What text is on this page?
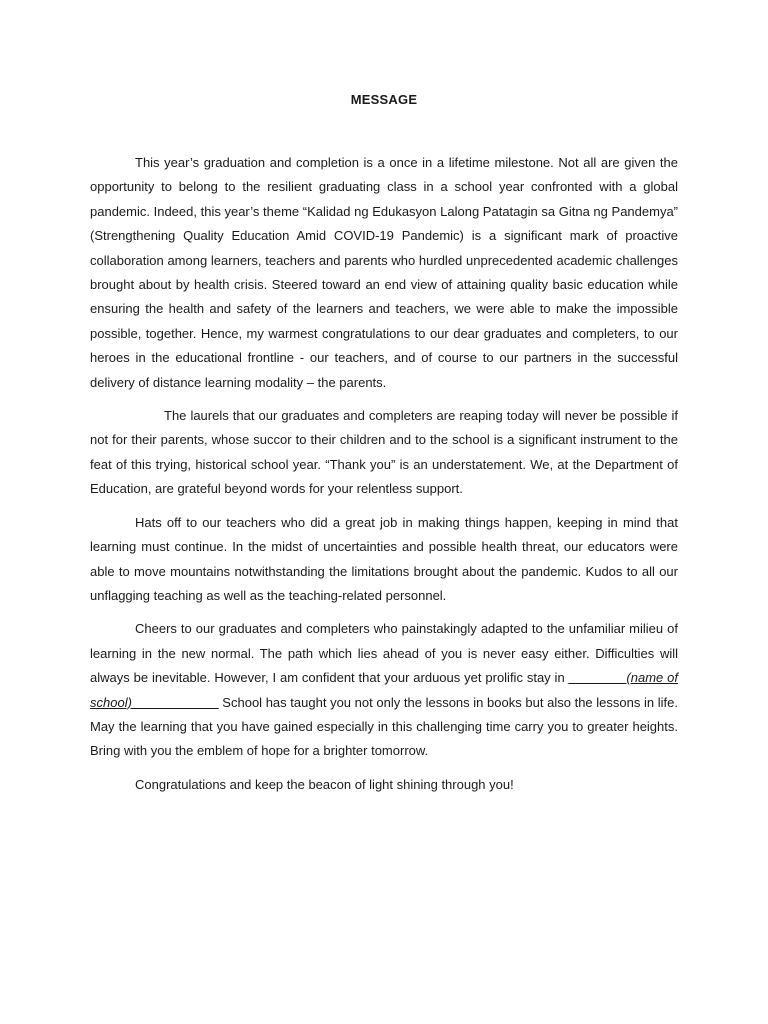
MESSAGE

This year’s graduation and completion is a once in a lifetime milestone. Not all are given the opportunity to belong to the resilient graduating class in a school year confronted with a global pandemic. Indeed, this year’s theme “Kalidad ng Edukasyon Lalong Patatagin sa Gitna ng Pandemya” (Strengthening Quality Education Amid COVID-19 Pandemic) is a significant mark of proactive collaboration among learners, teachers and parents who hurdled unprecedented academic challenges brought about by health crisis. Steered toward an end view of attaining quality basic education while ensuring the health and safety of the learners and teachers, we were able to make the impossible possible, together. Hence, my warmest congratulations to our dear graduates and completers, to our heroes in the educational frontline - our teachers, and of course to our partners in the successful delivery of distance learning modality – the parents.

The laurels that our graduates and completers are reaping today will never be possible if not for their parents, whose succor to their children and to the school is a significant instrument to the feat of this trying, historical school year. “Thank you” is an understatement. We, at the Department of Education, are grateful beyond words for your relentless support.

Hats off to our teachers who did a great job in making things happen, keeping in mind that learning must continue. In the midst of uncertainties and possible health threat, our educators were able to move mountains notwithstanding the limitations brought about the pandemic. Kudos to all our unflagging teaching as well as the teaching-related personnel.

Cheers to our graduates and completers who painstakingly adapted to the unfamiliar milieu of learning in the new normal. The path which lies ahead of you is never easy either. Difficulties will always be inevitable. However, I am confident that your arduous yet prolific stay in ________(name of school)____________ School has taught you not only the lessons in books but also the lessons in life. May the learning that you have gained especially in this challenging time carry you to greater heights. Bring with you the emblem of hope for a brighter tomorrow.

Congratulations and keep the beacon of light shining through you!
